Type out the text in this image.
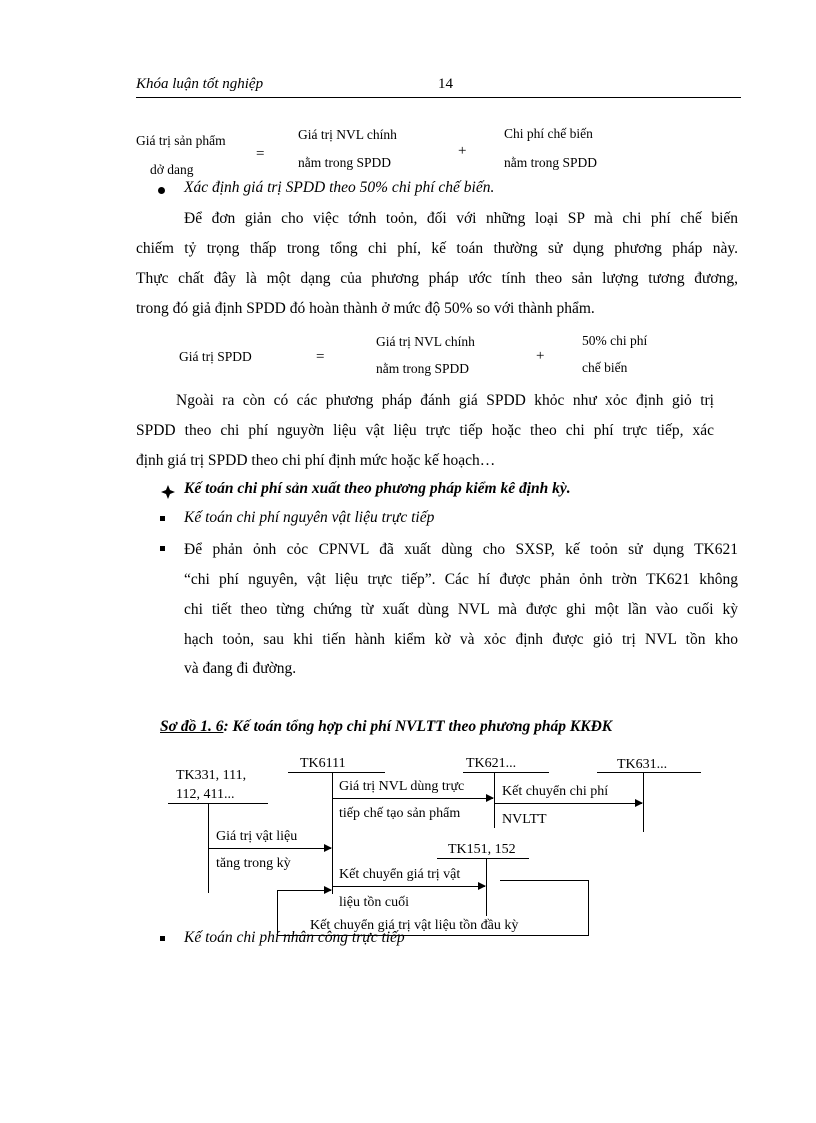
Khóa luận tốt nghiệp	14
Giá trị sản phẩm
dở dang
=
Giá trị NVL chính
nằm trong SPDD
+
Chi phí chế biến
nằm trong SPDD
Xác định giá trị SPDD theo 50% chi phí chế biến.
Để đơn giản cho việc tớnh toỏn, đối với những loại SP mà chi phí chế biến
chiếm tỷ trọng thấp trong tổng chi phí, kế toán thường sử dụng phương pháp này.
Thực chất đây là một dạng của phương pháp ước tính theo sản lượng tương đương,
trong đó giả định SPDD đó hoàn thành ở mức độ 50% so với thành phẩm.
Giá trị SPDD	=
Giá trị NVL chính
nằm trong SPDD
+
50% chi phí
chế biến
Ngoài ra còn có các phương pháp đánh giá SPDD khỏc như xỏc định giỏ trị
SPDD theo chi phí nguyờn liệu vật liệu trực tiếp hoặc theo chi phí trực tiếp, xác
định giá trị SPDD theo chi phí định mức hoặc kế hoạch…
Kế toán chi phí sản xuất theo phương pháp kiểm kê định kỳ.
Kế toán chi phí nguyên vật liệu trực tiếp
Để phản ỏnh cỏc CPNVL đã xuất dùng cho SXSP, kế toỏn sử dụng TK621
“chi phí nguyên, vật liệu trực tiếp”. Các hí được phản ỏnh trờn TK621 không
chi tiết theo từng chứng từ xuất dùng NVL mà được ghi một lần vào cuối kỳ
hạch toỏn, sau khi tiến hành kiểm kờ và xỏc định được giỏ trị NVL tồn kho
và đang đi đường.
Sơ đồ 1. 6: Kế toán tổng hợp chi phí NVLTT theo phương pháp KKĐK
TK331, 111,
112, 411...
TK6111	TK621...	TK631...
TK151, 152
Giá trị NVL dùng trực
tiếp chế tạo sản phẩm
Kết chuyển chi phí
NVLTT
Giá trị vật liệu
tăng trong kỳ
Kết chuyển giá trị vật
liệu tồn cuối
Kết chuyển giá trị vật liệu tồn đầu kỳ
Kế toán chi phí nhân công trực tiếp
